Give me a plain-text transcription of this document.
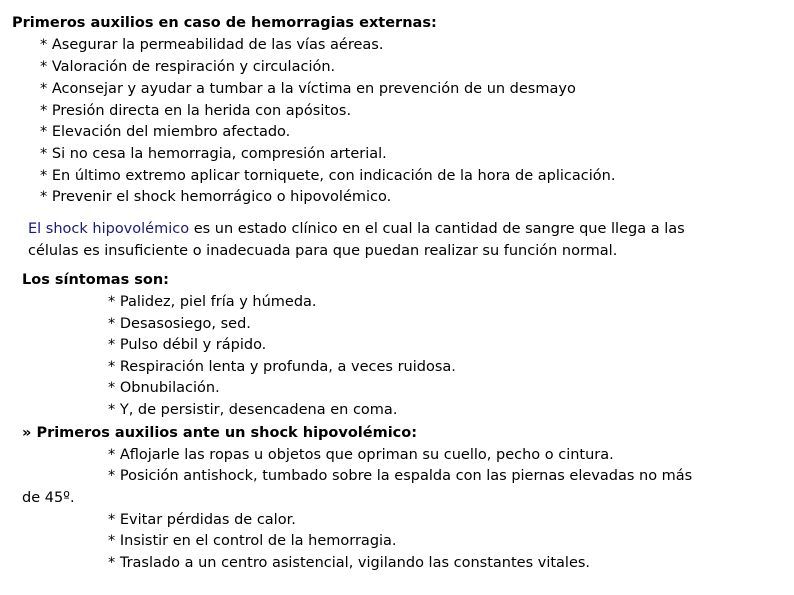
Primeros auxilios en caso de hemorragias externas:
* Asegurar la permeabilidad de las vías aéreas.
* Valoración de respiración y circulación.
* Aconsejar y ayudar a tumbar a la víctima en prevención de un desmayo
* Presión directa en la herida con apósitos.
* Elevación del miembro afectado.
* Si no cesa la hemorragia, compresión arterial.
* En último extremo aplicar torniquete, con indicación de la hora de aplicación.
* Prevenir el shock hemorrágico o hipovolémico.
El shock hipovolémico es un estado clínico en el cual la cantidad de sangre que llega a las
células es insuficiente o inadecuada para que puedan realizar su función normal.
Los síntomas son:
* Palidez, piel fría y húmeda.
* Desasosiego, sed.
* Pulso débil y rápido.
* Respiración lenta y profunda, a veces ruidosa.
* Obnubilación.
* Y, de persistir, desencadena en coma.
» Primeros auxilios ante un shock hipovolémico:
* Aflojarle las ropas u objetos que opriman su cuello, pecho o cintura.
* Posición antishock, tumbado sobre la espalda con las piernas elevadas no más
de 45º.
* Evitar pérdidas de calor.
* Insistir en el control de la hemorragia.
* Traslado a un centro asistencial, vigilando las constantes vitales.
